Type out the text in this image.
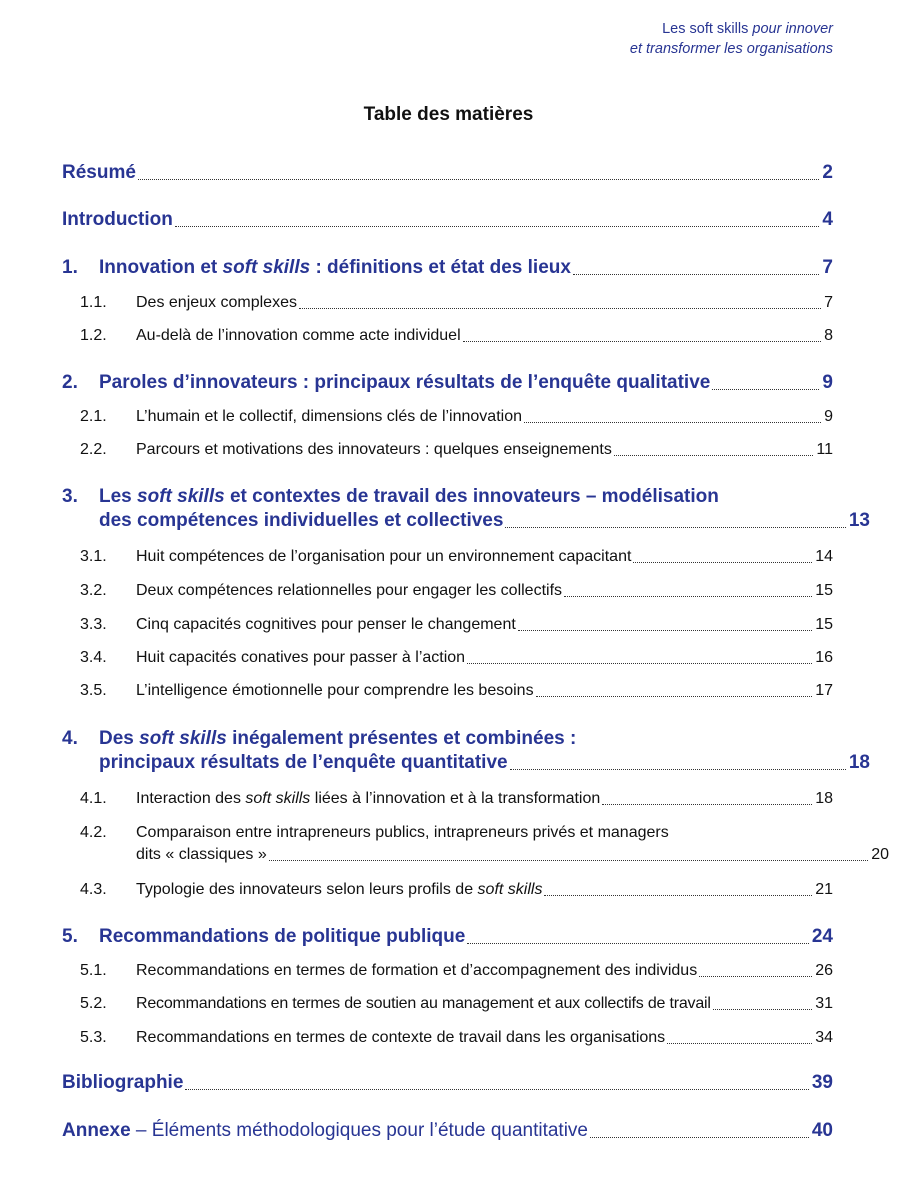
Les soft skills pour innover
et transformer les organisations
Table des matières
Résumé	2
Introduction	4
1.	Innovation et soft skills : définitions et état des lieux	7
1.1.	Des enjeux complexes	7
1.2.	Au-delà de l’innovation comme acte individuel	8
2.	Paroles d’innovateurs : principaux résultats de l’enquête qualitative	9
2.1.	L’humain et le collectif, dimensions clés de l’innovation	9
2.2.	Parcours et motivations des innovateurs : quelques enseignements	11
3. Les soft skills et contextes de travail des innovateurs – modélisation
des compétences individuelles et collectives	13
3.1.	Huit compétences de l’organisation pour un environnement capacitant	14
3.2.	Deux compétences relationnelles pour engager les collectifs	15
3.3.	Cinq capacités cognitives pour penser le changement	15
3.4.	Huit capacités conatives pour passer à l’action	16
3.5.	L’intelligence émotionnelle pour comprendre les besoins	17
4. Des soft skills inégalement présentes et combinées :
principaux résultats de l’enquête quantitative	18
4.1.	Interaction des soft skills liées à l’innovation et à la transformation	18
4.2. Comparaison entre intrapreneurs publics, intrapreneurs privés et managers
dits « classiques »	20
4.3.	Typologie des innovateurs selon leurs profils de soft skills	21
5.	Recommandations de politique publique	24
5.1.	Recommandations en termes de formation et d’accompagnement des individus	26
5.2.	Recommandations en termes de soutien au management et aux collectifs de travail	31
5.3.	Recommandations en termes de contexte de travail dans les organisations	34
Bibliographie	39
Annexe – Éléments méthodologiques pour l’étude quantitative	40
